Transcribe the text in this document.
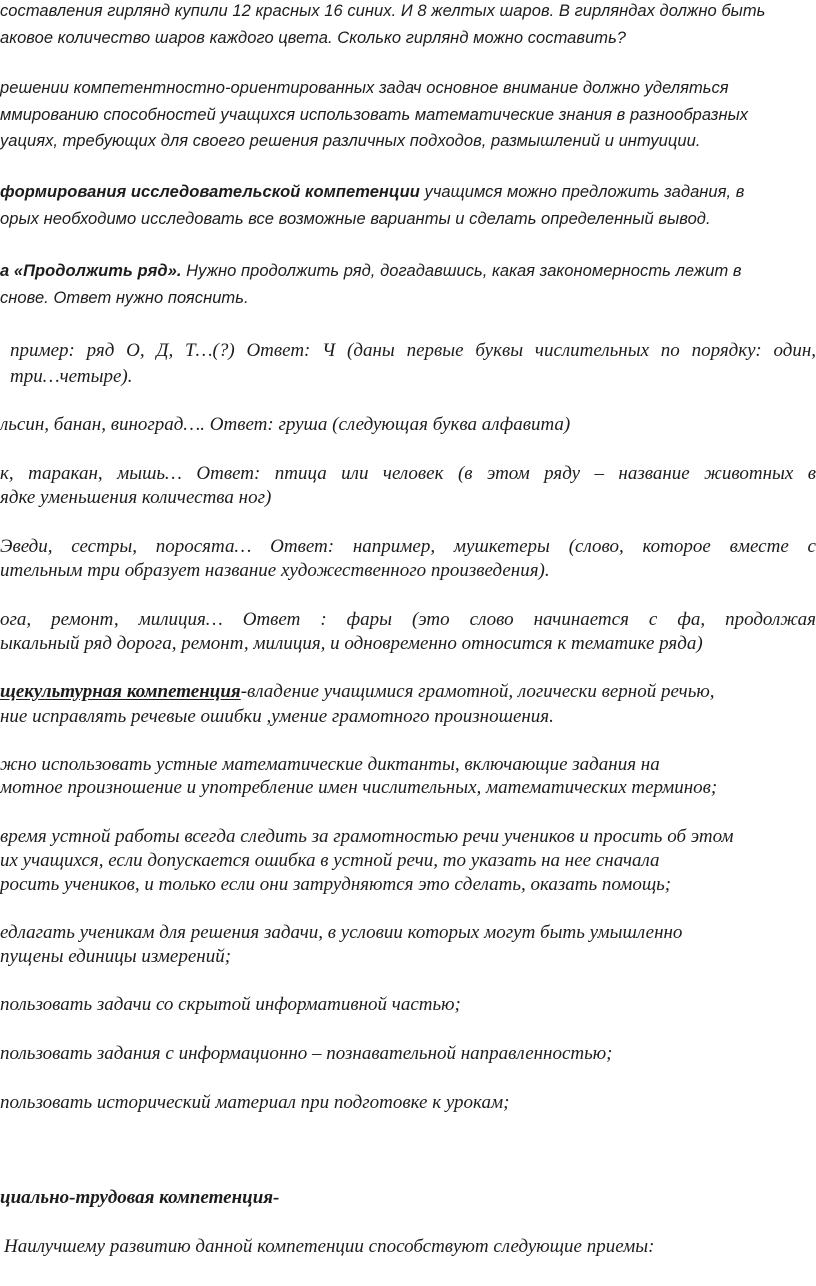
составления гирлянд купили 12 красных 16 синих. И 8 желтых шаров. В гирляндах должно быть
аковое количество шаров каждого цвета. Сколько гирлянд можно составить?
решении компетентностно-ориентированных задач основное внимание должно уделяться
ммированию способностей учащихся использовать математические знания в разнообразных
уациях, требующих для своего решения различных подходов, размышлений и интуиции.
формирования исследовательской компетенции учащимся можно предложить задания, в
орых необходимо исследовать все возможные варианты и сделать определенный вывод.
а «Продолжить ряд». Нужно продолжить ряд, догадавшись, какая закономерность лежит в
снове. Ответ нужно пояснить.
пример: ряд О, Д, Т…(?) Ответ: Ч (даны первые буквы числительных по порядку: один,
три…четыре).
льсин, банан, виноград…. Ответ: груша (следующая буква алфавита)
к, таракан, мышь… Ответ: птица или человек (в этом ряду – название животных в
ядке уменьшения количества ног)
Эведи, сестры, поросята… Ответ: например, мушкетеры (слово, которое вместе с
ительным три образует название художественного произведения).
ога, ремонт, милиция… Ответ : фары (это слово начинается с фа, продолжая
ыкальный ряд дорога, ремонт, милиция, и одновременно относится к тематике ряда)
щекультурная компетенция-владение учащимися грамотной, логически верной речью,
ние исправлять речевые ошибки ,умение грамотного произношения.
жно использовать устные математические диктанты, включающие задания на
мотное произношение и употребление имен числительных, математических терминов;
время устной работы всегда следить за грамотностью речи учеников и просить об этом
их учащихся, если допускается ошибка в устной речи, то указать на нее сначала
росить учеников, и только если они затрудняются это сделать, оказать помощь;
едлагать ученикам для решения задачи, в условии которых могут быть умышленно
пущены единицы измерений;
пользовать задачи со скрытой информативной частью;
пользовать задания с информационно – познавательной направленностью;
пользовать исторический материал при подготовке к урокам;
циально-трудовая компетенция-
Наилучшему развитию данной компетенции способствуют следующие приемы:
